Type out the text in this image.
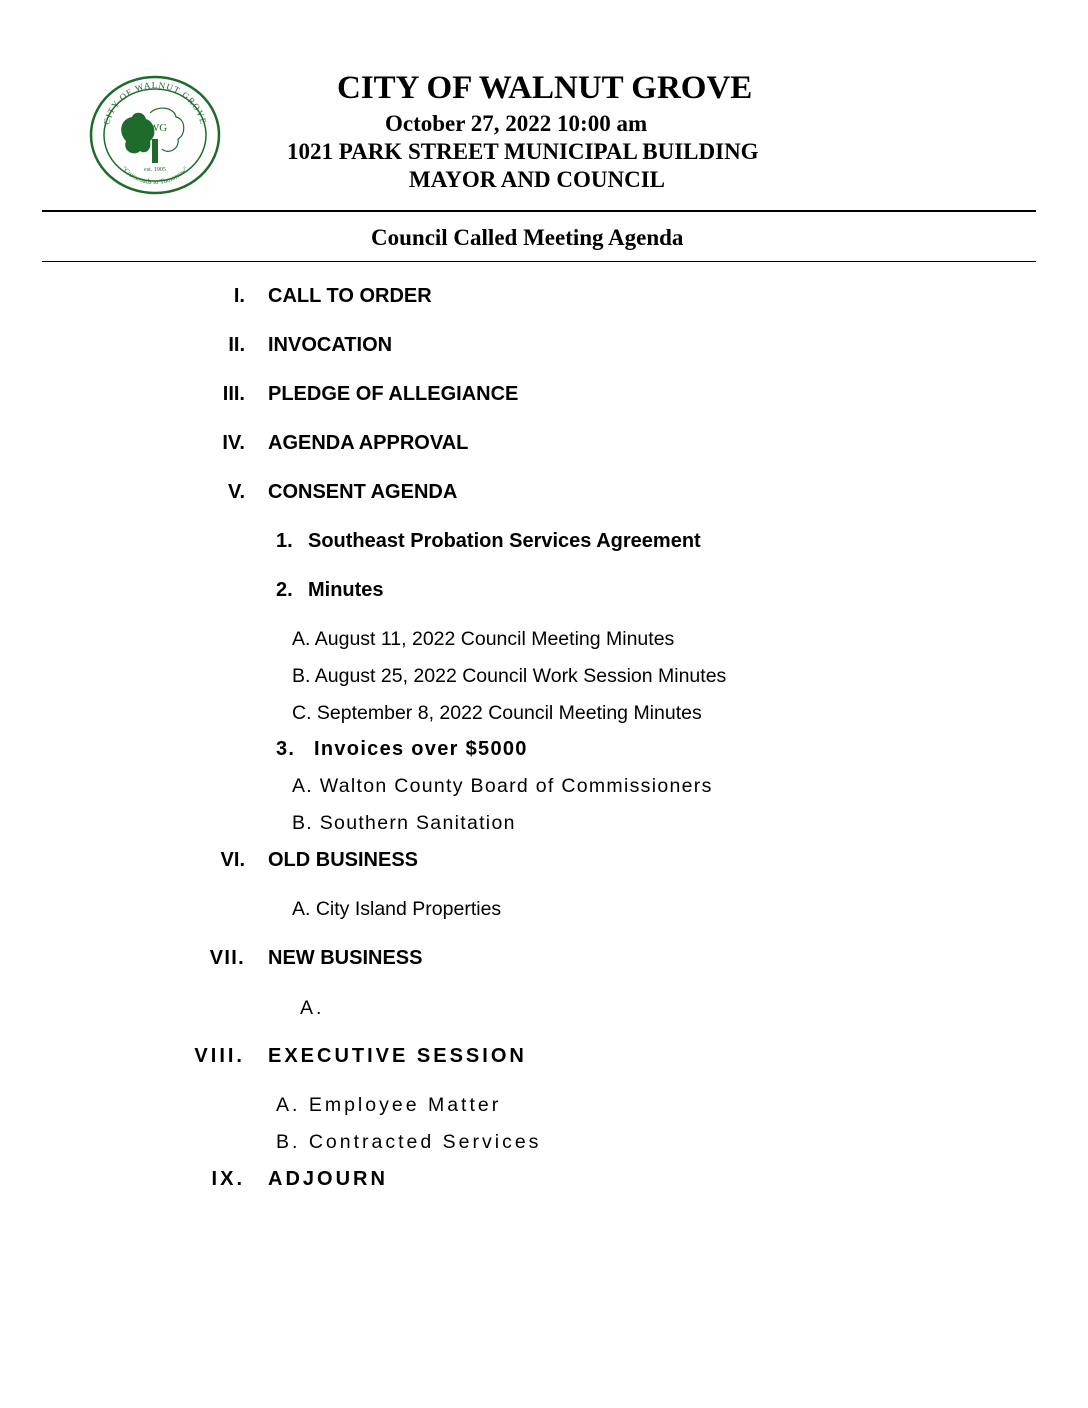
CITY OF WALNUT GROVE
"Crossroads to Tomorrow"
WG
est. 1905
CITY OF WALNUT GROVE
October 27, 2022 10:00 am
1021 PARK STREET MUNICIPAL BUILDING
MAYOR AND COUNCIL
Council Called Meeting Agenda
I. CALL TO ORDER
II. INVOCATION
III. PLEDGE OF ALLEGIANCE
IV. AGENDA APPROVAL
V. CONSENT AGENDA
1. Southeast Probation Services Agreement
2. Minutes
A. August 11, 2022 Council Meeting Minutes
B. August 25, 2022 Council Work Session Minutes
C. September 8, 2022 Council Meeting Minutes
3. Invoices over $5000
A. Walton County Board of Commissioners
B. Southern Sanitation
VI. OLD BUSINESS
A. City Island Properties
VII. NEW BUSINESS
A.
VIII. EXECUTIVE SESSION
A. Employee Matter
B. Contracted Services
IX. ADJOURN
